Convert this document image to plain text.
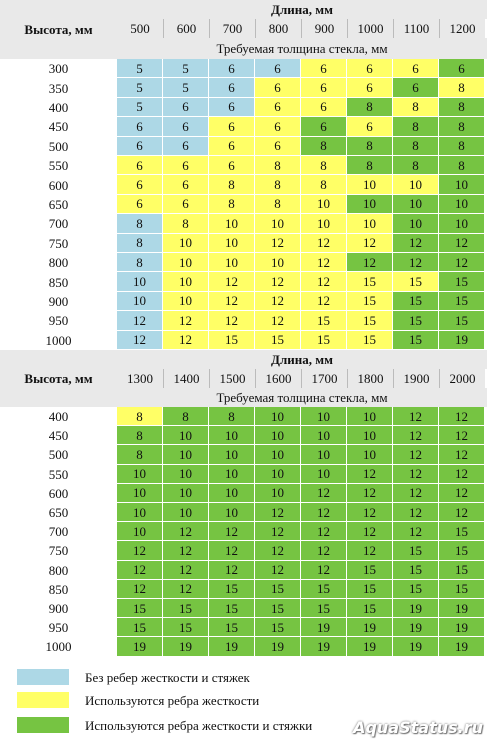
Высота, мм
Длина, мм
500	600	700	800	900	1000	1100	1200
Требуемая толщина стекла, мм
300	5	5	6	6	6	6	6	6
350	5	5	6	6	6	6	6	8
400	5	6	6	6	6	8	8	8
450	6	6	6	6	6	6	8	8
500	6	6	6	6	8	8	8	8
550	6	6	6	8	8	8	8	8
600	6	6	8	8	8	10	10	10
650	6	6	8	8	10	10	10	10
700	8	8	10	10	10	10	10	10
750	8	10	10	12	12	12	12	12
800	8	10	10	10	12	12	12	12
850	10	10	12	12	12	15	15	15
900	10	10	12	12	12	15	15	15
950	12	12	12	12	15	15	15	15
1000	12	12	15	15	15	15	15	19
Высота, мм
Длина, мм
1300	1400	1500	1600	1700	1800	1900	2000
Требуемая толщина стекла, мм
400	8	8	8	10	10	10	12	12
450	8	10	10	10	10	10	12	12
500	8	10	10	10	10	10	12	12
550	10	10	10	10	10	12	12	12
600	10	10	10	10	12	12	12	12
650	10	10	10	12	12	12	12	12
700	10	12	12	12	12	12	12	15
750	12	12	12	12	12	12	15	15
800	12	12	12	12	12	15	15	15
850	12	12	15	15	15	15	15	15
900	15	15	15	15	15	15	19	19
950	15	15	15	15	19	19	19	19
1000	19	19	19	19	19	19	19	19
Без ребер жесткости и стяжек
Используются ребра жесткости
Используются ребра жесткости и стяжки	AquaStatus.ru
